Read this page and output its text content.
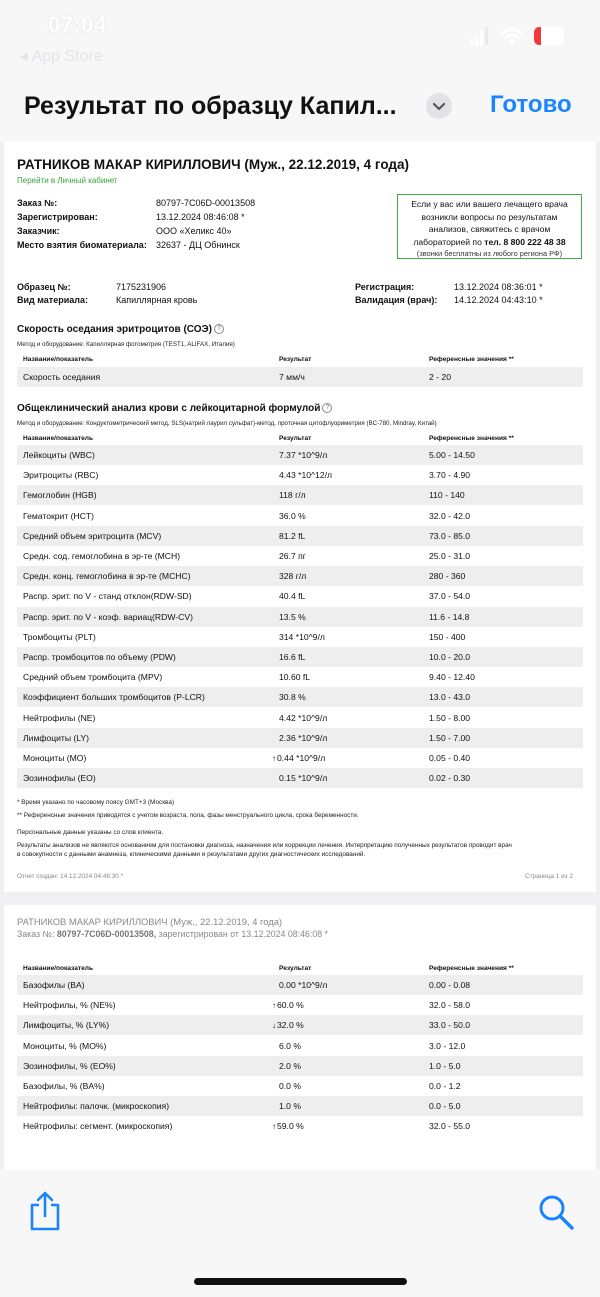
07:04
◂ App Store
Результат по образцу Капил...	Готово
РАТНИКОВ МАКАР КИРИЛЛОВИЧ (Муж., 22.12.2019, 4 года)
Перейти в Личный кабинет
Заказ №:	80797-7C06D-00013508
Зарегистрирован:	13.12.2024 08:46:08 *
Заказчик:	ООО «Хеликс 40»
Место взятия биоматериала: 32637 - ДЦ Обнинск
Если у вас или вашего лечащего врача
возникли вопросы по результатам
анализов, свяжитесь с врачом
лабораторией по тел. 8 800 222 48 38
(звонки бесплатны из любого региона РФ)
Образец №:	7175231906
Вид материала:	Капиллярная кровь
Регистрация:	13.12.2024 08:36:01 *
Валидация (врач): 14.12.2024 04:43:10 *
Скорость оседания эритроцитов (СОЭ) ?
Метод и оборудование: Капиллярная фотометрия (TEST1, ALIFAX, Италия)
Название/показатель	Результат	Референсные значения **
Скорость оседания	7 мм/ч	2 - 20
Общеклинический анализ крови с лейкоцитарной формулой ?
Метод и оборудование: Кондуктометрический метод, SLS(натрий лаурил сульфат)-метод, проточная цитофлуориметрия (BC-780, Mindray, Китай)
Название/показатель	Результат	Референсные значения **
Лейкоциты (WBC)	7.37 *10^9/л	5.00 - 14.50
Эритроциты (RBC)	4.43 *10^12/л	3.70 - 4.90
Гемоглобин (HGB)	118 г/л	110 - 140
Гематокрит (HCT)	36.0 %	32.0 - 42.0
Средний объем эритроцита (MCV)	81.2 fL	73.0 - 85.0
Средн. сод. гемоглобина в эр-те (MCH)	26.7 пг	25.0 - 31.0
Средн. конц. гемоглобина в эр-те (MCHC)	328 г/л	280 - 360
Распр. эрит. по V - станд отклон(RDW-SD)	40.4 fL	37.0 - 54.0
Распр. эрит. по V - коэф. вариац(RDW-CV)	13.5 %	11.6 - 14.8
Тромбоциты (PLT)	314 *10^9/л	150 - 400
Распр. тромбоцитов по объему (PDW)	16.6 fL	10.0 - 20.0
Средний объем тромбоцита (MPV)	10.60 fL	9.40 - 12.40
Коэффициент больших тромбоцитов (P-LCR)	30.8 %	13.0 - 43.0
Нейтрофилы (NE)	4.42 *10^9/л	1.50 - 8.00
Лимфоциты (LY)	2.36 *10^9/л	1.50 - 7.00
Моноциты (MO)	↑0.44 *10^9/л	0.05 - 0.40
Эозинофилы (EO)	0.15 *10^9/л	0.02 - 0.30
* Время указано по часовому поясу GMT+3 (Москва)
** Референсные значения приводятся с учетом возраста, пола, фазы менструального цикла, срока беременности.
Персональные данные указаны со слов клиента.
Результаты анализов не являются основанием для постановки диагноза, назначения или коррекции лечения. Интерпретацию полученных результатов проводит врач
в совокупности с данными анамнеза, клиническими данными и результатами других диагностических исследований.
Отчет создан: 14.12.2024 04:48:30 *	Страница 1 из 2
РАТНИКОВ МАКАР КИРИЛЛОВИЧ (Муж., 22.12.2019, 4 года)
Заказ №: 80797-7C06D-00013508, зарегистрирован от 13.12.2024 08:46:08 *
Название/показатель	Результат	Референсные значения **
Базофилы (BA)	0.00 *10^9/л	0.00 - 0.08
Нейтрофилы, % (NE%)	↑60.0 %	32.0 - 58.0
Лимфоциты, % (LY%)	↓32.0 %	33.0 - 50.0
Моноциты, % (MO%)	6.0 %	3.0 - 12.0
Эозинофилы, % (EO%)	2.0 %	1.0 - 5.0
Базофилы, % (BA%)	0.0 %	0.0 - 1.2
Нейтрофилы: палочк. (микроскопия)	1.0 %	0.0 - 5.0
Нейтрофилы: сегмент. (микроскопия)	↑59.0 %	32.0 - 55.0
